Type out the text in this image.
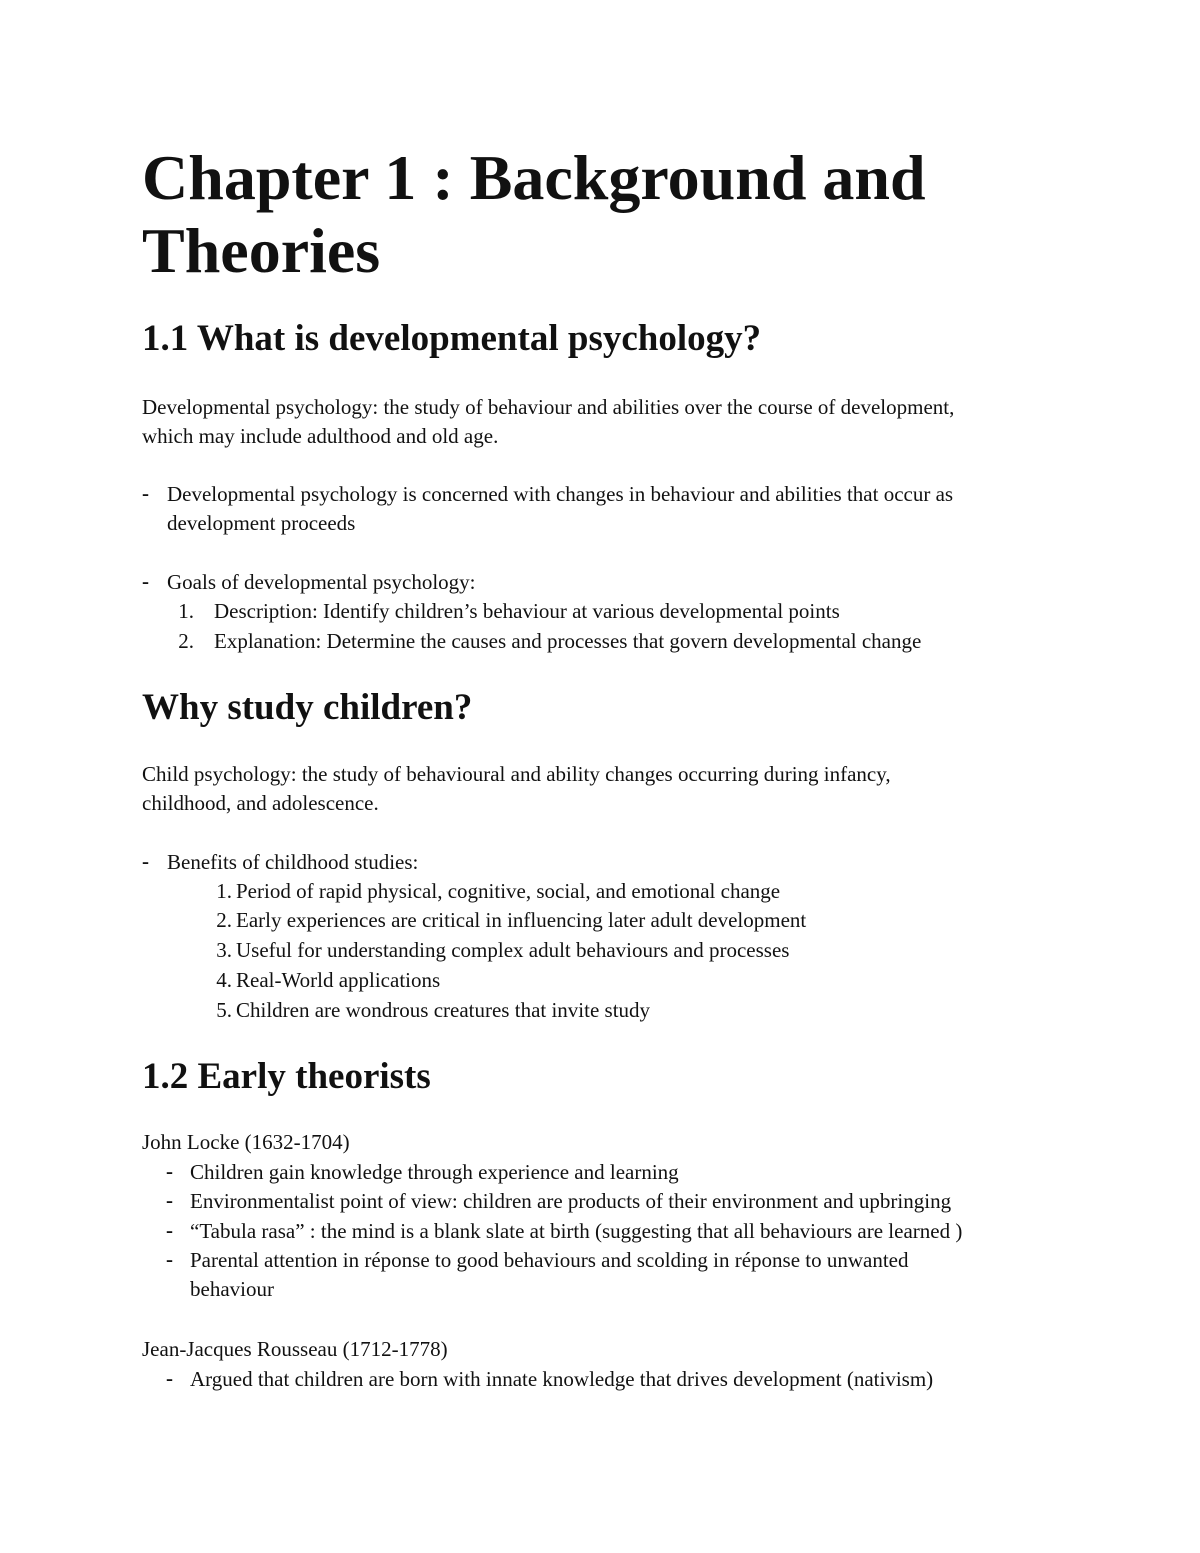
Chapter 1 : Background and
Theories
1.1 What is developmental psychology?
Developmental psychology: the study of behaviour and abilities over the course of development,
which may include adulthood and old age.
- Developmental psychology is concerned with changes in behaviour and abilities that occur as
development proceeds
- Goals of developmental psychology:
1. Description: Identify children’s behaviour at various developmental points
2. Explanation: Determine the causes and processes that govern developmental change
Why study children?
Child psychology: the study of behavioural and ability changes occurring during infancy,
childhood, and adolescence.
- Benefits of childhood studies:
1. Period of rapid physical, cognitive, social, and emotional change
2. Early experiences are critical in influencing later adult development
3. Useful for understanding complex adult behaviours and processes
4. Real-World applications
5. Children are wondrous creatures that invite study
1.2 Early theorists
John Locke (1632-1704)
- Children gain knowledge through experience and learning
- Environmentalist point of view: children are products of their environment and upbringing
- “Tabula rasa” : the mind is a blank slate at birth (suggesting that all behaviours are learned )
- Parental attention in réponse to good behaviours and scolding in réponse to unwanted
behaviour
Jean-Jacques Rousseau (1712-1778)
- Argued that children are born with innate knowledge that drives development (nativism)
